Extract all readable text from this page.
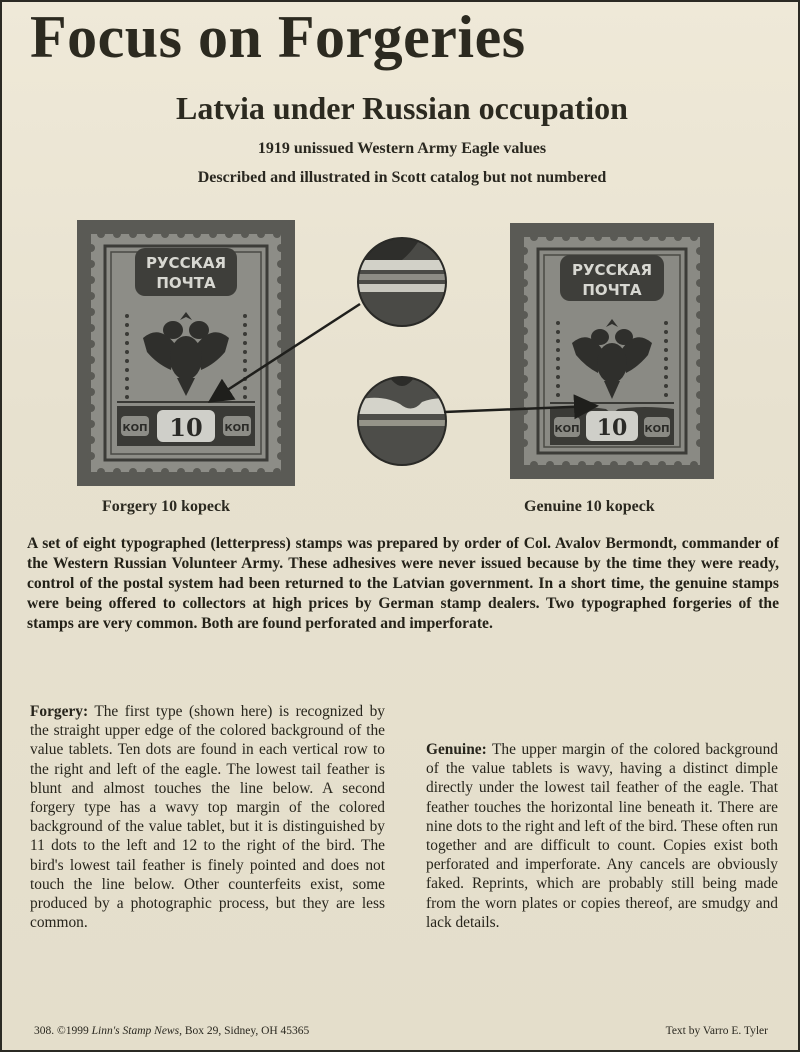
Focus on Forgeries
Latvia under Russian occupation
1919 unissued Western Army Eagle values
Described and illustrated in Scott catalog but not numbered
РУССКАЯ
ПОЧТА
КОП	КОП
10
РУССКАЯ
ПОЧТА
КОП	КОП
10
Forgery 10 kopeck	Genuine 10 kopeck

A set of eight typographed (letterpress) stamps was prepared by order of Col. Avalov Bermondt, commander of the Western Russian Volunteer Army. These adhesives were never issued because by the time they were ready, control of the postal system had been returned to the Latvian government. In a short time, the genuine stamps were being offered to collectors at high prices by German stamp dealers. Two typographed forgeries of the stamps are very common. Both are found perforated and imperforate.

Forgery: The first type (shown here) is recognized by the straight upper edge of the colored background of the value tablets. Ten dots are found in each vertical row to the right and left of the eagle. The lowest tail feather is blunt and almost touches the line below. A second forgery type has a wavy top margin of the colored background of the value tablet, but it is distinguished by 11 dots to the left and 12 to the right of the bird. The bird's lowest tail feather is finely pointed and does not touch the line below. Other counterfeits exist, some produced by a photographic process, but they are less common.

Genuine: The upper margin of the colored background of the value tablets is wavy, having a distinct dimple directly under the lowest tail feather of the eagle. That feather touches the horizontal line beneath it. There are nine dots to the right and left of the bird. These often run together and are difficult to count. Copies exist both perforated and imperforate. Any cancels are obviously faked. Reprints, which are probably still being made from the worn plates or copies thereof, are smudgy and lack details.

308. ©1999 Linn's Stamp News, Box 29, Sidney, OH 45365	Text by Varro E. Tyler
